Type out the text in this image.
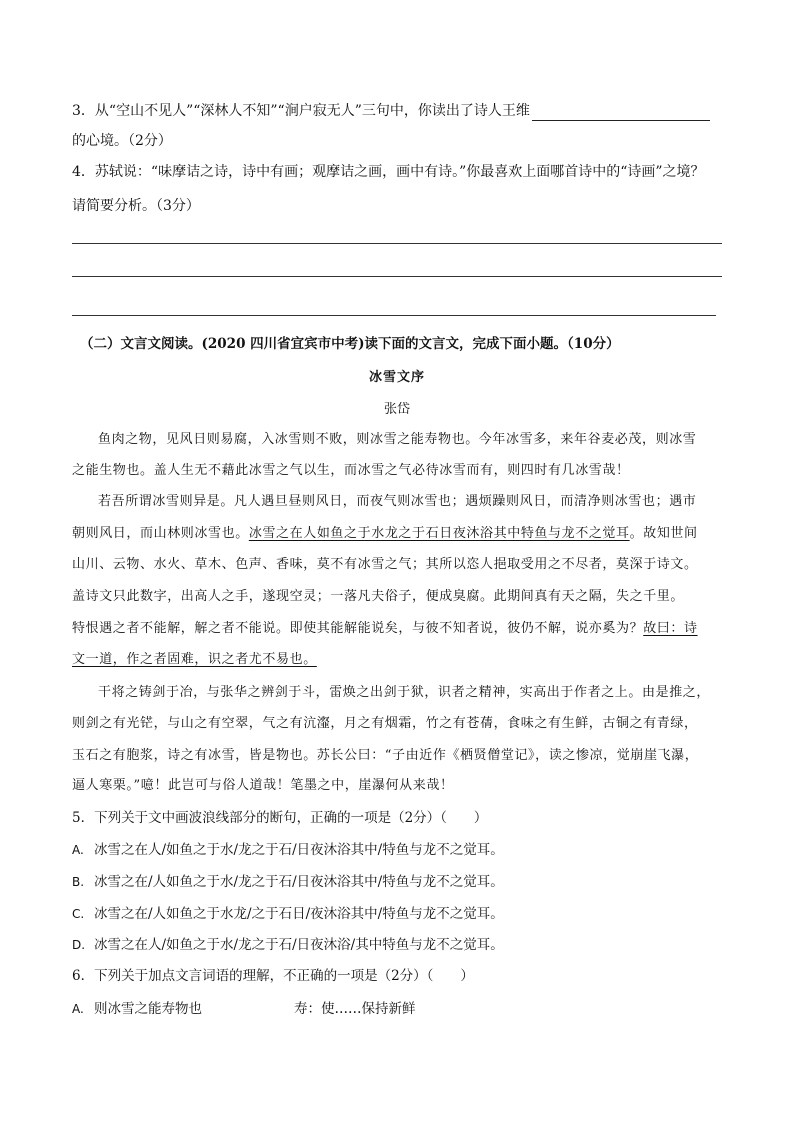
3．从“空山不见人”“深林人不知”“涧户寂无人”三句中，你读出了诗人王维
的心境。（2分）
4．苏轼说：“味摩诘之诗，诗中有画；观摩诘之画，画中有诗。”你最喜欢上面哪首诗中的“诗画”之境？
请简要分析。（3分）
（二）文言文阅读。(2020 四川省宜宾市中考)读下面的文言文，完成下面小题。（10分）
冰雪文序
张岱
鱼肉之物，见风日则易腐，入冰雪则不败，则冰雪之能寿物也。今年冰雪多，来年谷麦必茂，则冰雪
之能生物也。盖人生无不藉此冰雪之气以生，而冰雪之气必待冰雪而有，则四时有几冰雪哉！
若吾所谓冰雪则异是。凡人遇旦昼则风日，而夜气则冰雪也；遇烦躁则风日，而清净则冰雪也；遇市
朝则风日，而山林则冰雪也。冰雪之在人如鱼之于水龙之于石日夜沐浴其中特鱼与龙不之觉耳。故知世间
山川、云物、水火、草木、色声、香味，莫不有冰雪之气；其所以恣人挹取受用之不尽者，莫深于诗文。
盖诗文只此数字，出高人之手，遂现空灵；一落凡夫俗子，便成臭腐。此期间真有天之隔，失之千里。
特恨遇之者不能解，解之者不能说。即使其能解能说矣，与彼不知者说，彼仍不解，说亦奚为？故曰：诗
文一道，作之者固难，识之者尤不易也。
干将之铸剑于冶，与张华之辨剑于斗，雷焕之出剑于狱，识者之精神，实高出于作者之上。由是推之，
则剑之有光铓，与山之有空翠，气之有沆瀣，月之有烟霜，竹之有苍蒨，食味之有生鲜，古铜之有青绿，
玉石之有胞浆，诗之有冰雪，皆是物也。苏长公曰：“子由近作《栖贤僧堂记》，读之惨凉，觉崩崖飞瀑，
逼人寒栗。”噫！此岂可与俗人道哉！笔墨之中，崖瀑何从来哉！
5．下列关于文中画波浪线部分的断句，正确的一项是（2分）（　　）
A. 冰雪之在人/如鱼之于水/龙之于石/日夜沐浴其中/特鱼与龙不之觉耳。
B. 冰雪之在/人如鱼之于水/龙之于石/日夜沐浴其中/特鱼与龙不之觉耳。
C. 冰雪之在/人如鱼之于水龙/之于石日/夜沐浴其中/特鱼与龙不之觉耳。
D. 冰雪之在人/如鱼之于水/龙之于石/日夜沐浴/其中特鱼与龙不之觉耳。
6．下列关于加点文言词语的理解，不正确的一项是（2分）（　　）
A. 则冰雪之能寿物也	寿：使……保持新鲜
